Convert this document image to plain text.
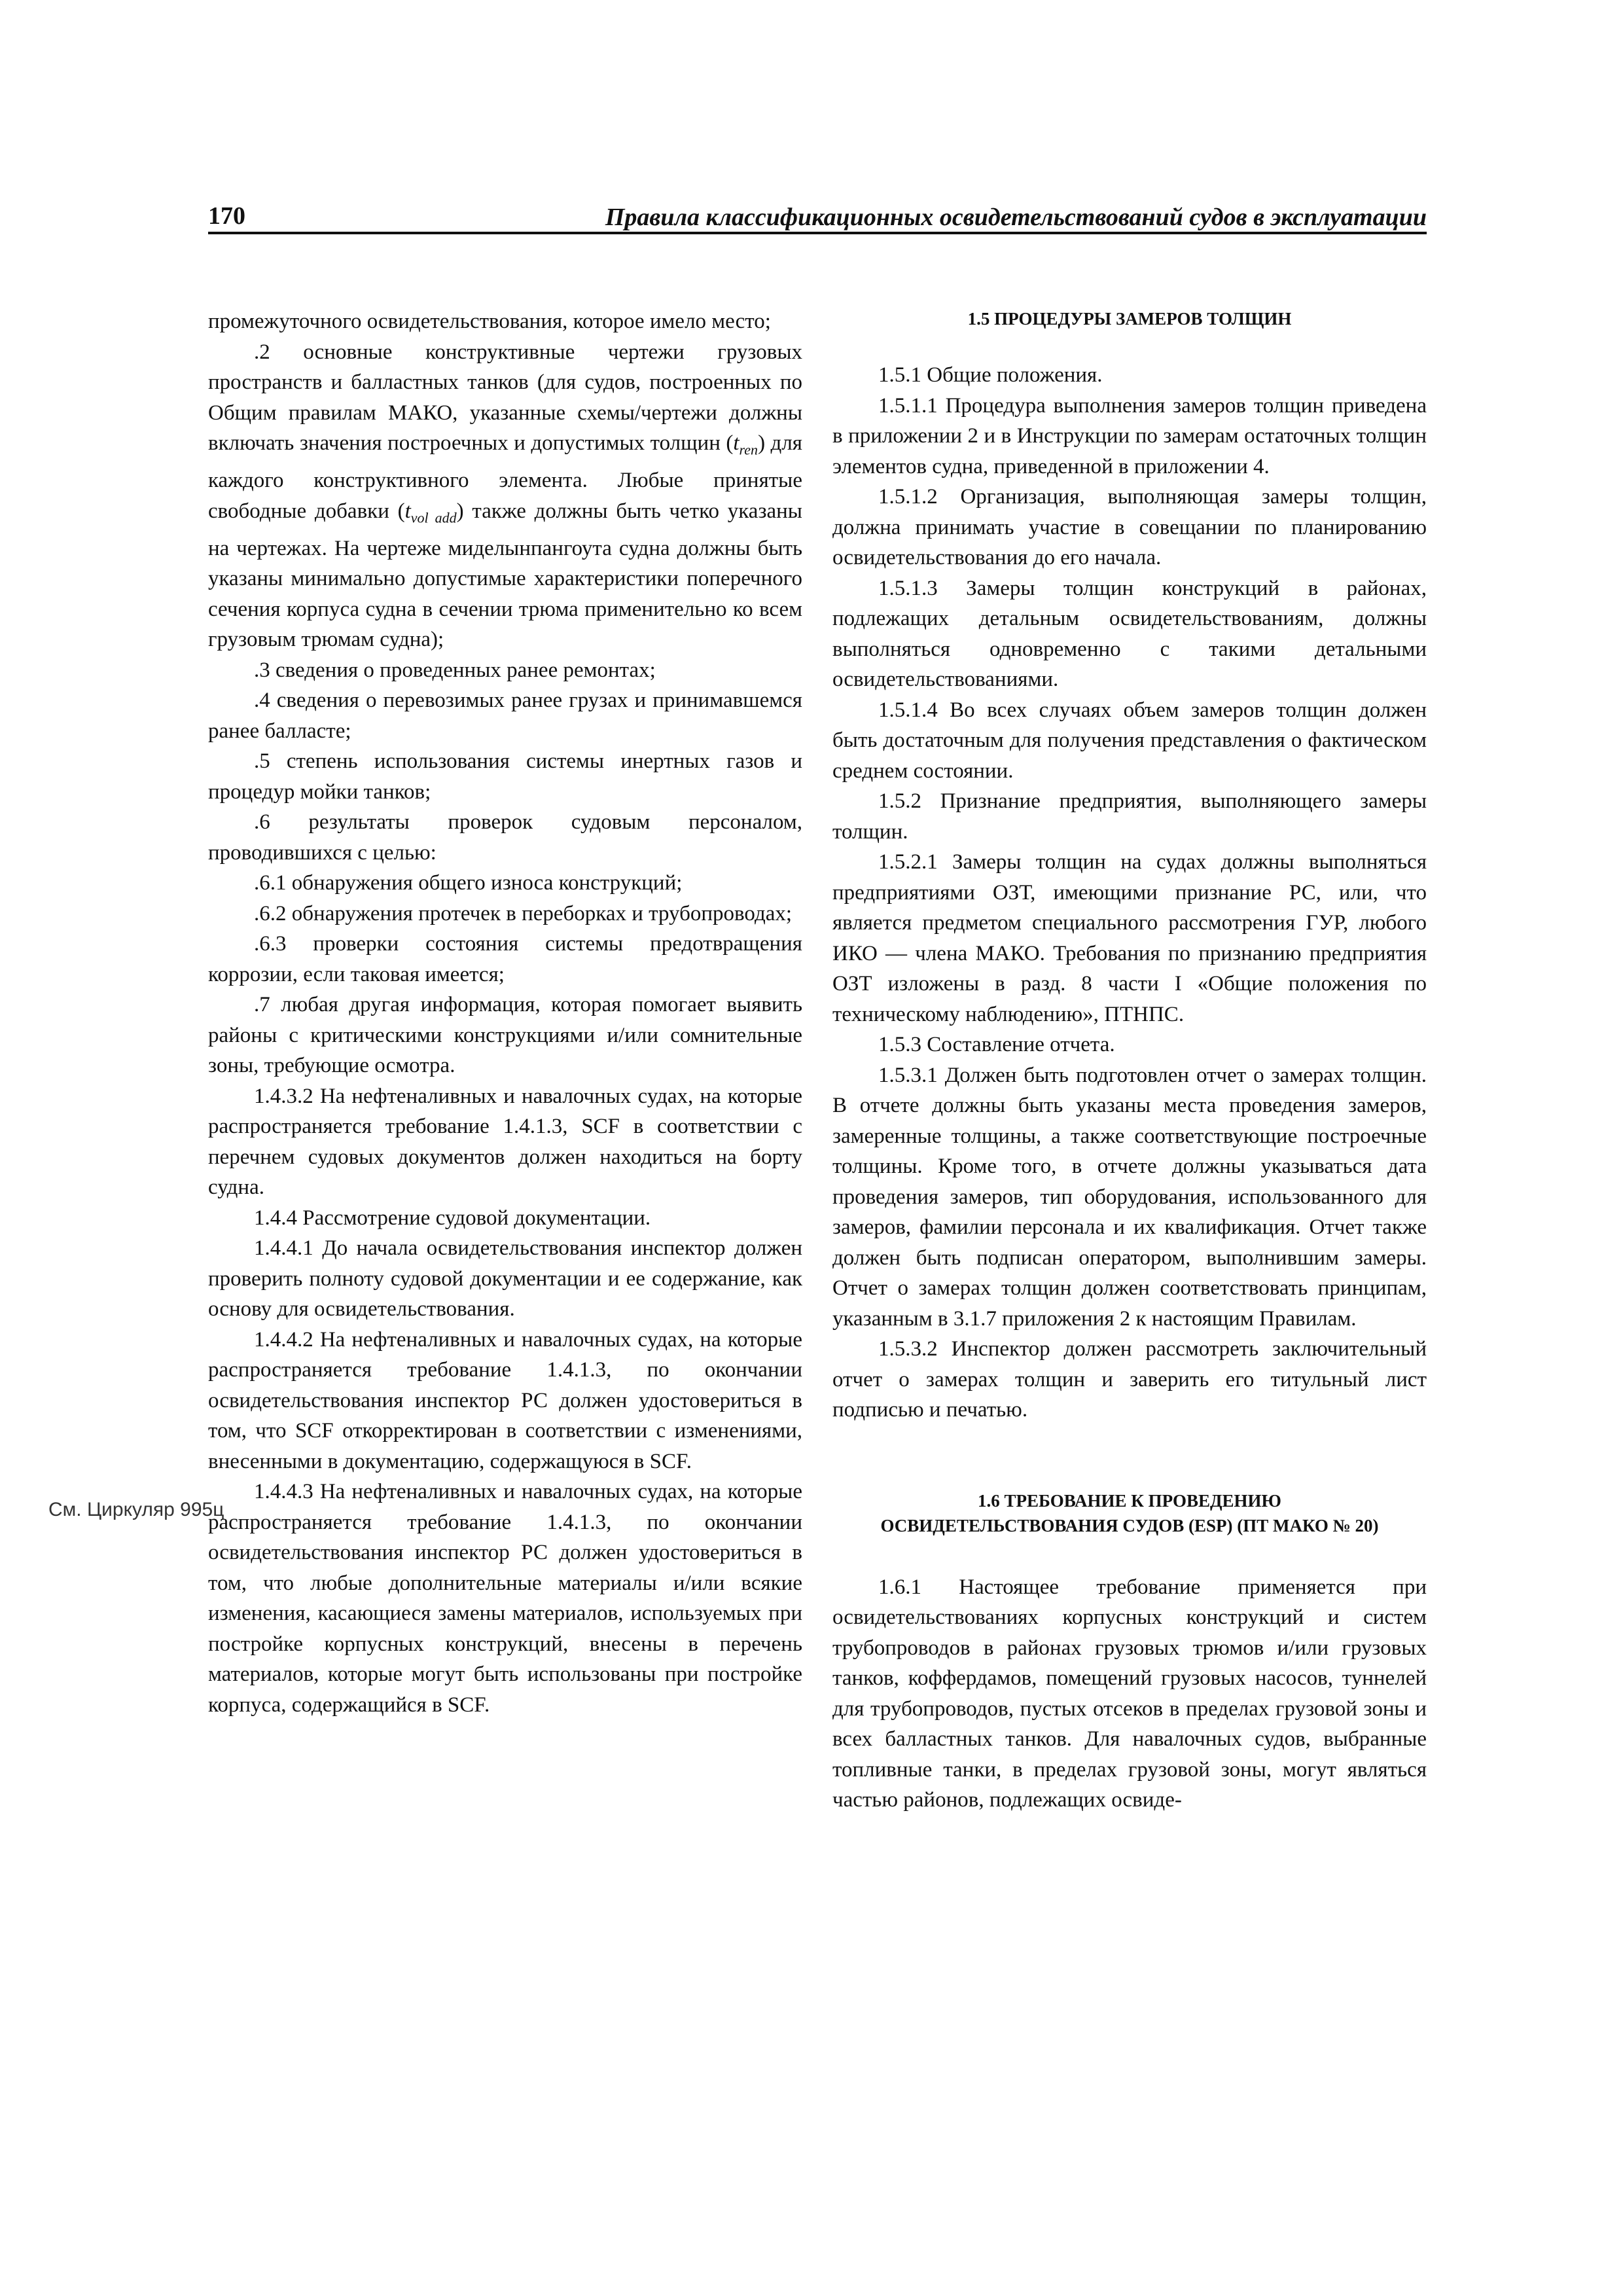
170	Правила классификационных освидетельствований судов в эксплуатации
См. Циркуляр 995ц

промежуточного освидетельствования, которое имело место;

.2 основные конструктивные чертежи грузовых пространств и балластных танков (для судов, построенных по Общим правилам МАКО, указанные схемы/чертежи должны включать значения построечных и допустимых толщин $(t_{ren})$ для каждого конструктивного элемента. Любые принятые свободные добавки $(t_{vol add})$ также должны быть четко указаны на чертежах. На чертеже миделынпангоута судна должны быть указаны минимально допустимые характеристики поперечного сечения корпуса судна в сечении трюма применительно ко всем грузовым трюмам судна);

.3 сведения о проведенных ранее ремонтах;

.4 сведения о перевозимых ранее грузах и принимавшемся ранее балласте;

.5 степень использования системы инертных газов и процедур мойки танков;

.6 результаты проверок судовым персоналом, проводившихся с целью:

.6.1 обнаружения общего износа конструкций;

.6.2 обнаружения протечек в переборках и трубопроводах;

.6.3 проверки состояния системы предотвращения коррозии, если таковая имеется;

.7 любая другая информация, которая помогает выявить районы с критическими конструкциями и/или сомнительные зоны, требующие осмотра.

1.4.3.2 На нефтеналивных и навалочных судах, на которые распространяется требование 1.4.1.3, SCF в соответствии с перечнем судовых документов должен находиться на борту судна.

1.4.4 Рассмотрение судовой документации.

1.4.4.1 До начала освидетельствования инспектор должен проверить полноту судовой документации и ее содержание, как основу для освидетельствования.

1.4.4.2 На нефтеналивных и навалочных судах, на которые распространяется требование 1.4.1.3, по окончании освидетельствования инспектор РС должен удостовериться в том, что SCF откорректирован в соответствии с изменениями, внесенными в документацию, содержащуюся в SCF.

1.4.4.3 На нефтеналивных и навалочных судах, на которые распространяется требование 1.4.1.3, по окончании освидетельствования инспектор РС должен удостовериться в том, что любые дополнительные материалы и/или всякие изменения, касающиеся замены материалов, используемых при постройке корпусных конструкций, внесены в перечень материалов, которые могут быть использованы при постройке корпуса, содержащийся в SCF.

1.5 ПРОЦЕДУРЫ ЗАМЕРОВ ТОЛЩИН

1.5.1 Общие положения.

1.5.1.1 Процедура выполнения замеров толщин приведена в приложении 2 и в Инструкции по замерам остаточных толщин элементов судна, приведенной в приложении 4.

1.5.1.2 Организация, выполняющая замеры толщин, должна принимать участие в совещании по планированию освидетельствования до его начала.

1.5.1.3 Замеры толщин конструкций в районах, подлежащих детальным освидетельствованиям, должны выполняться одновременно с такими детальными освидетельствованиями.

1.5.1.4 Во всех случаях объем замеров толщин должен быть достаточным для получения представления о фактическом среднем состоянии.

1.5.2 Признание предприятия, выполняющего замеры толщин.

1.5.2.1 Замеры толщин на судах должны выполняться предприятиями ОЗТ, имеющими признание РС, или, что является предметом специального рассмотрения ГУР, любого ИКО — члена МАКО. Требования по признанию предприятия ОЗТ изложены в разд. 8 части I «Общие положения по техническому наблюдению», ПТНПС.

1.5.3 Составление отчета.

1.5.3.1 Должен быть подготовлен отчет о замерах толщин. В отчете должны быть указаны места проведения замеров, замеренные толщины, а также соответствующие построечные толщины. Кроме того, в отчете должны указываться дата проведения замеров, тип оборудования, использованного для замеров, фамилии персонала и их квалификация. Отчет также должен быть подписан оператором, выполнившим замеры. Отчет о замерах толщин должен соответствовать принципам, указанным в 3.1.7 приложения 2 к настоящим Правилам.

1.5.3.2 Инспектор должен рассмотреть заключительный отчет о замерах толщин и заверить его титульный лист подписью и печатью.

1.6 ТРЕБОВАНИЕ К ПРОВЕДЕНИЮ

ОСВИДЕТЕЛЬСТВОВАНИЯ СУДОВ (ESP) (ПТ МАКО № 20)

1.6.1 Настоящее требование применяется при освидетельствованиях корпусных конструкций и систем трубопроводов в районах грузовых трюмов и/или грузовых танков, коффердамов, помещений грузовых насосов, туннелей для трубопроводов, пустых отсеков в пределах грузовой зоны и всех балластных танков. Для навалочных судов, выбранные топливные танки, в пределах грузовой зоны, могут являться частью районов, подлежащих освиде-
